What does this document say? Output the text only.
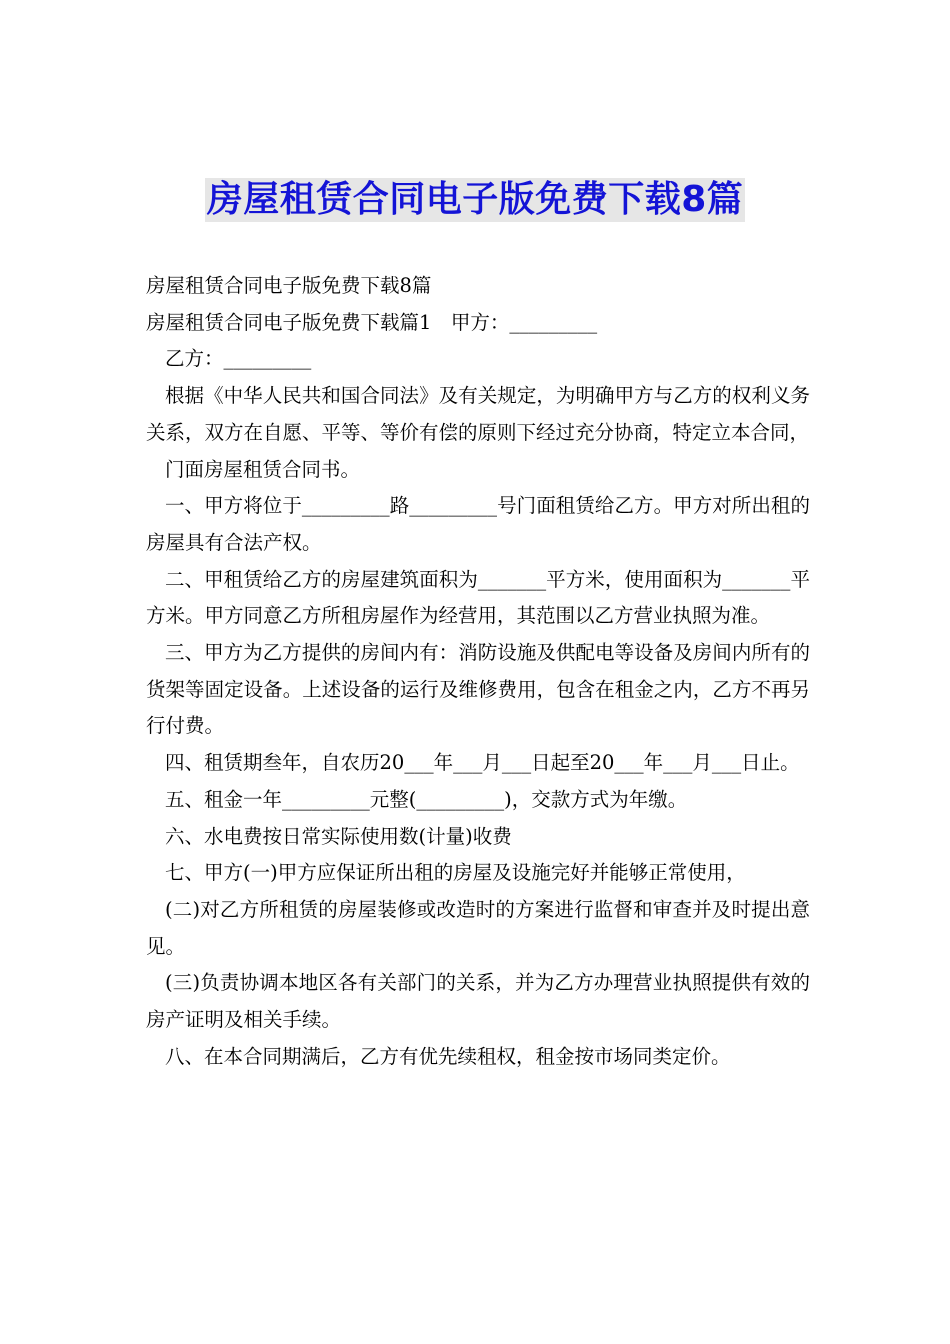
房屋租赁合同电子版免费下载8篇

房屋租赁合同电子版免费下载8篇

房屋租赁合同电子版免费下载篇1　甲方：_________

乙方：_________

根据《中华人民共和国合同法》及有关规定，为明确甲方与乙方的权利义务关系，双方在自愿、平等、等价有偿的原则下经过充分协商，特定立本合同，

门面房屋租赁合同书。

一、甲方将位于_________路_________号门面租赁给乙方。甲方对所出租的房屋具有合法产权。

二、甲租赁给乙方的房屋建筑面积为_______平方米，使用面积为_______平方米。甲方同意乙方所租房屋作为经营用，其范围以乙方营业执照为准。

三、甲方为乙方提供的房间内有：消防设施及供配电等设备及房间内所有的货架等固定设备。上述设备的运行及维修费用，包含在租金之内，乙方不再另行付费。

四、租赁期叁年，自农历20___年___月___日起至20___年___月___日止。

五、租金一年_________元整(_________)，交款方式为年缴。

六、水电费按日常实际使用数(计量)收费

七、甲方(一)甲方应保证所出租的房屋及设施完好并能够正常使用，

(二)对乙方所租赁的房屋装修或改造时的方案进行监督和审查并及时提出意见。

(三)负责协调本地区各有关部门的关系，并为乙方办理营业执照提供有效的房产证明及相关手续。

八、在本合同期满后，乙方有优先续租权，租金按市场同类定价。
